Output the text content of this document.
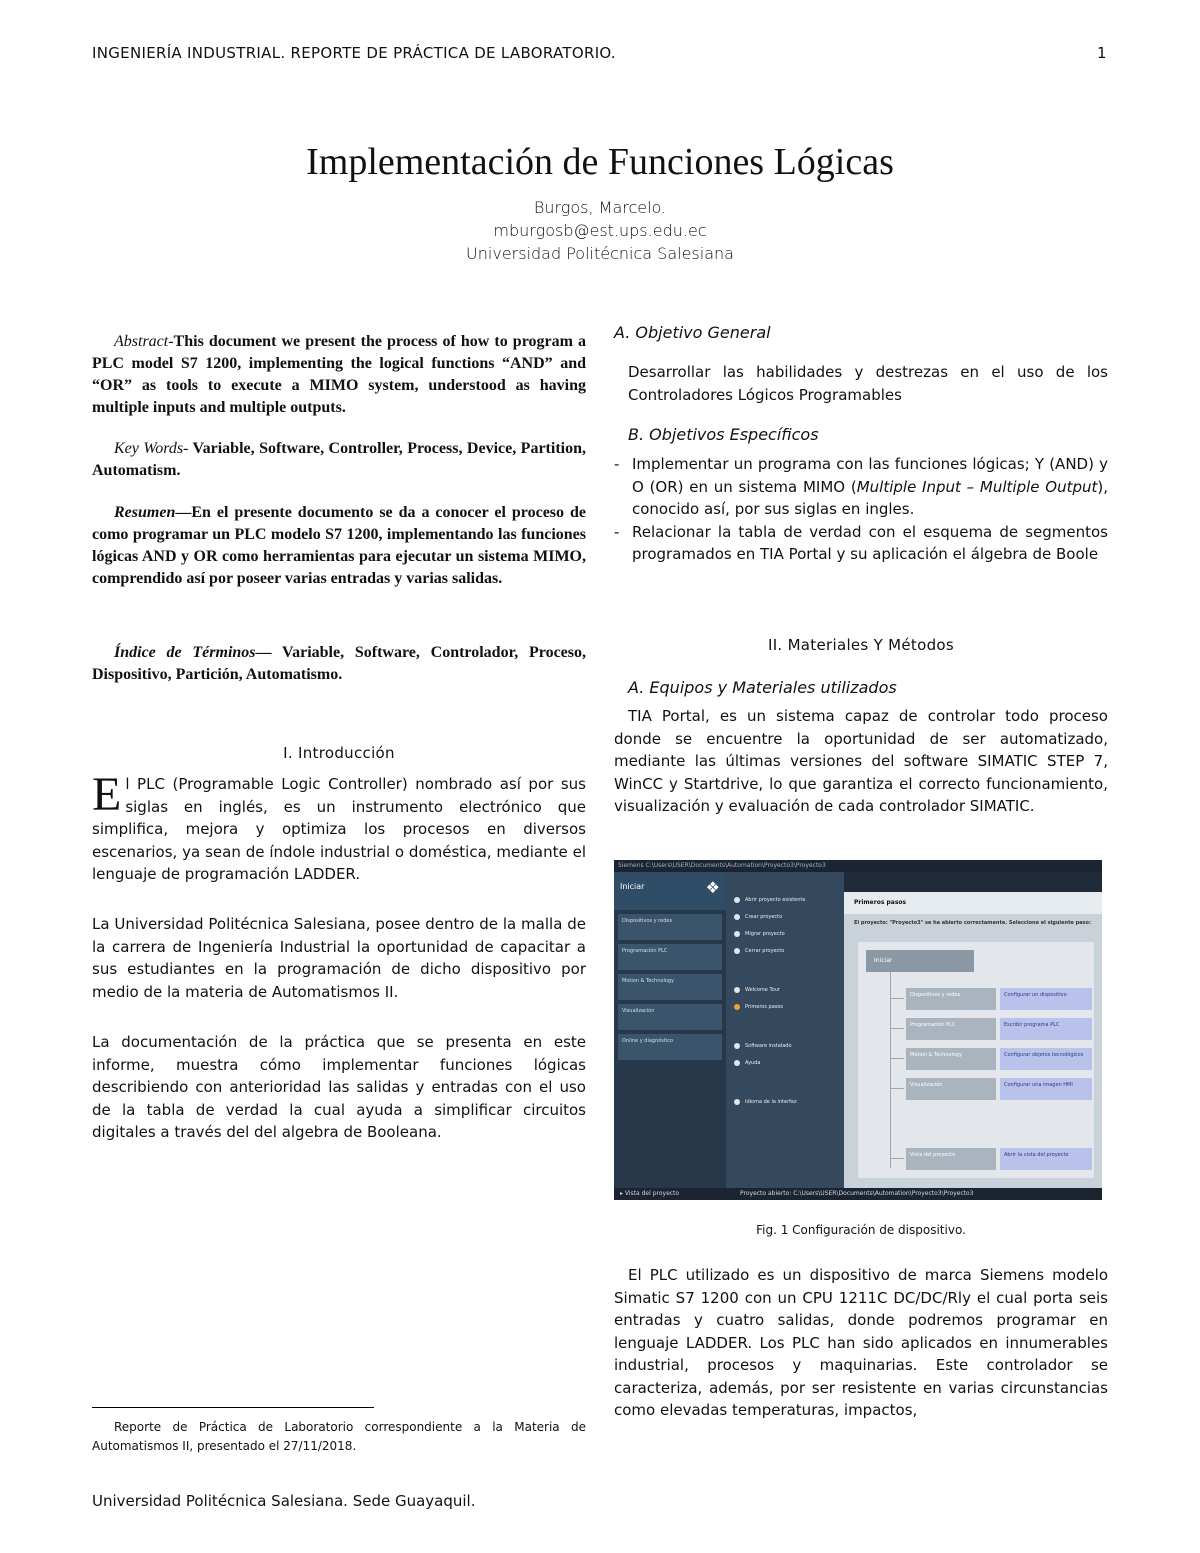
INGENIERÍA INDUSTRIAL. REPORTE DE PRÁCTICA DE LABORATORIO.	1
Implementación de Funciones Lógicas
Burgos, Marcelo.
mburgosb@est.ups.edu.ec
Universidad Politécnica Salesiana
Abstract-This document we present the process of how to program a PLC model S7 1200, implementing the logical functions “AND” and “OR” as tools to execute a MIMO system, understood as having multiple inputs and multiple outputs.
Key Words- Variable, Software, Controller, Process, Device, Partition, Automatism.
Resumen—En el presente documento se da a conocer el proceso de como programar un PLC modelo S7 1200, implementando las funciones lógicas AND y OR como herramientas para ejecutar un sistema MIMO, comprendido así por poseer varias entradas y varias salidas.
Índice de Términos— Variable, Software, Controlador, Proceso, Dispositivo, Partición, Automatismo.
I. Introducción
El PLC (Programable Logic Controller) nombrado así por sus siglas en inglés, es un instrumento electrónico que simplifica, mejora y optimiza los procesos en diversos escenarios, ya sean de índole industrial o doméstica, mediante el lenguaje de programación LADDER.
La Universidad Politécnica Salesiana, posee dentro de la malla de la carrera de Ingeniería Industrial la oportunidad de capacitar a sus estudiantes en la programación de dicho dispositivo por medio de la materia de Automatismos II.
La documentación de la práctica que se presenta en este informe, muestra cómo implementar funciones lógicas describiendo con anterioridad las salidas y entradas con el uso de la tabla de verdad la cual ayuda a simplificar circuitos digitales a través del del algebra de Booleana.
Reporte de Práctica de Laboratorio correspondiente a la Materia de Automatismos II, presentado el 27/11/2018.
A. Objetivo General
Desarrollar las habilidades y destrezas en el uso de los Controladores Lógicos Programables
B. Objetivos Específicos
- Implementar un programa con las funciones lógicas; Y (AND) y O (OR) en un sistema MIMO (Multiple Input – Multiple Output), conocido así, por sus siglas en ingles.
- Relacionar la tabla de verdad con el esquema de segmentos programados en TIA Portal y su aplicación el álgebra de Boole
II. Materiales Y Métodos
A. Equipos y Materiales utilizados
TIA Portal, es un sistema capaz de controlar todo proceso donde se encuentre la oportunidad de ser automatizado, mediante las últimas versiones del software SIMATIC STEP 7, WinCC y Startdrive, lo que garantiza el correcto funcionamiento, visualización y evaluación de cada controlador SIMATIC.
Siemens C:\Users\USER\Documents\Automation\Proyecto3\Proyecto3
Iniciar	❖
Dispositivos y redes
Programación PLC
Motion & Technology
Visualización
Online y diagnóstico
Abrir proyecto existente
Crear proyecto
Migrar proyecto
Cerrar proyecto
Welcome Tour
Primeros pasos
Software instalado
Ayuda
Idioma de la interfaz
Primeros pasos
El proyecto: "Proyecto3" se ha abierto correctamente. Seleccione el siguiente paso:
Iniciar
Dispositivos y redes	Configurar un dispositivo
Programación PLC	Escribir programa PLC
Motion & Technology	Configurar objetos tecnológicos
Visualización	Configurar una imagen HMI
Vista del proyecto	Abrir la vista del proyecto
▸ Vista del proyecto	Proyecto abierto: C:\Users\USER\Documents\Automation\Proyecto3\Proyecto3
Fig. 1 Configuración de dispositivo.
El PLC utilizado es un dispositivo de marca Siemens modelo Simatic S7 1200 con un CPU 1211C DC/DC/Rly el cual porta seis entradas y cuatro salidas, donde podremos programar en lenguaje LADDER. Los PLC han sido aplicados en innumerables industrial, procesos y maquinarias. Este controlador se caracteriza, además, por ser resistente en varias circunstancias como elevadas temperaturas, impactos,
Universidad Politécnica Salesiana. Sede Guayaquil.
